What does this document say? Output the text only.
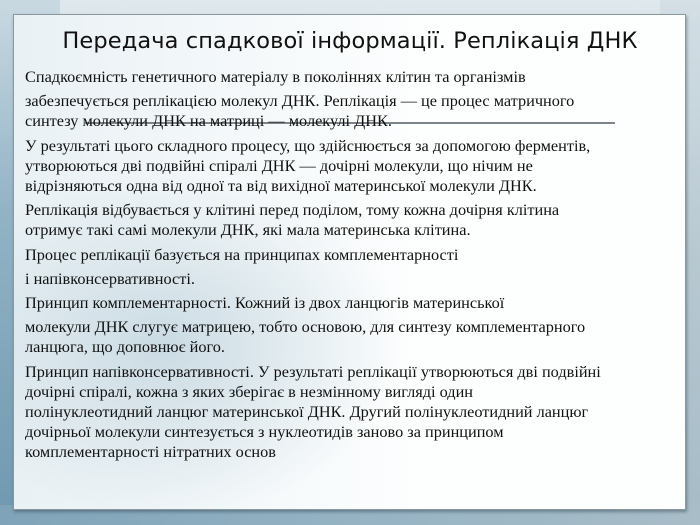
Передача спадкової інформації. Реплікація ДНК

Спадкоємність генетичного матеріалу в поколіннях клітин та організмів

забезпечується реплікацією молекул ДНК. Реплікація — це процес матричного
синтезу молекули ДНК на матриці — молекулі ДНК.

У результаті цього складного процесу, що здійснюється за допомогою ферментів,
утворюються дві подвійні спіралі ДНК — дочірні молекули, що нічим не
відрізняються одна від одної та від вихідної материнської молекули ДНК.

Реплікація відбувається у клітині перед поділом, тому кожна дочірня клітина
отримує такі самі молекули ДНК, які мала материнська клітина.

Процес реплікації базується на принципах комплементарності

і напівконсервативності.

Принцип комплементарності. Кожний із двох ланцюгів материнської

молекули ДНК слугує матрицею, тобто основою, для синтезу комплементарного
ланцюга, що доповнює його.

Принцип напівконсервативності. У результаті реплікації утворюються дві подвійні
дочірні спіралі, кожна з яких зберігає в незмінному вигляді один
полінуклеотидний ланцюг материнської ДНК. Другий полінуклеотидний ланцюг
дочірньої молекули синтезується з нуклеотидів заново за принципом
комплементарності нітратних основ
